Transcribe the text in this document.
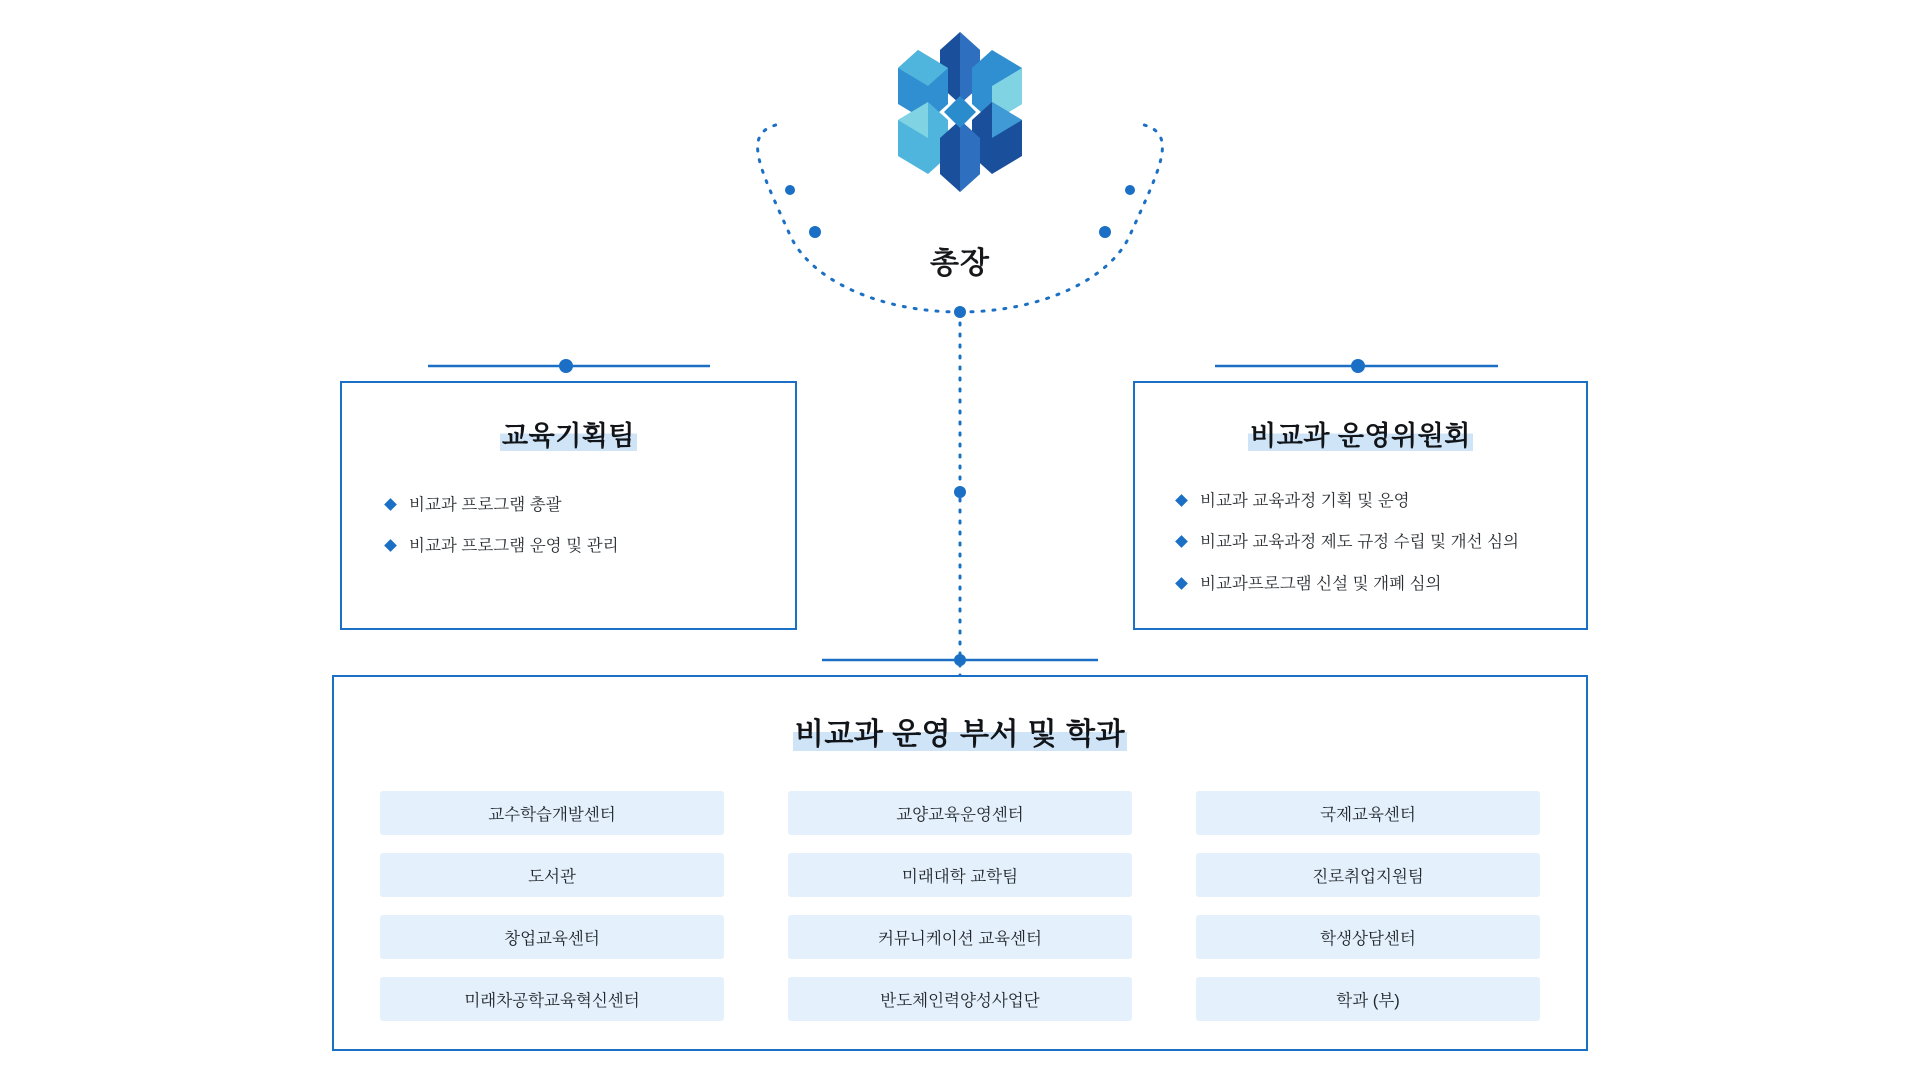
총장
교육기획팀
비교과 프로그램 총괄
비교과 프로그램 운영 및 관리
비교과 운영위원회
비교과 교육과정 기획 및 운영
비교과 교육과정 제도 규정 수립 및 개선 심의
비교과프로그램 신설 및 개폐 심의
비교과 운영 부서 및 학과
교수학습개발센터	교양교육운영센터	국제교육센터
도서관	미래대학 교학팀	진로취업지원팀
창업교육센터	커뮤니케이션 교육센터	학생상담센터
미래차공학교육혁신센터	반도체인력양성사업단	학과 (부)
